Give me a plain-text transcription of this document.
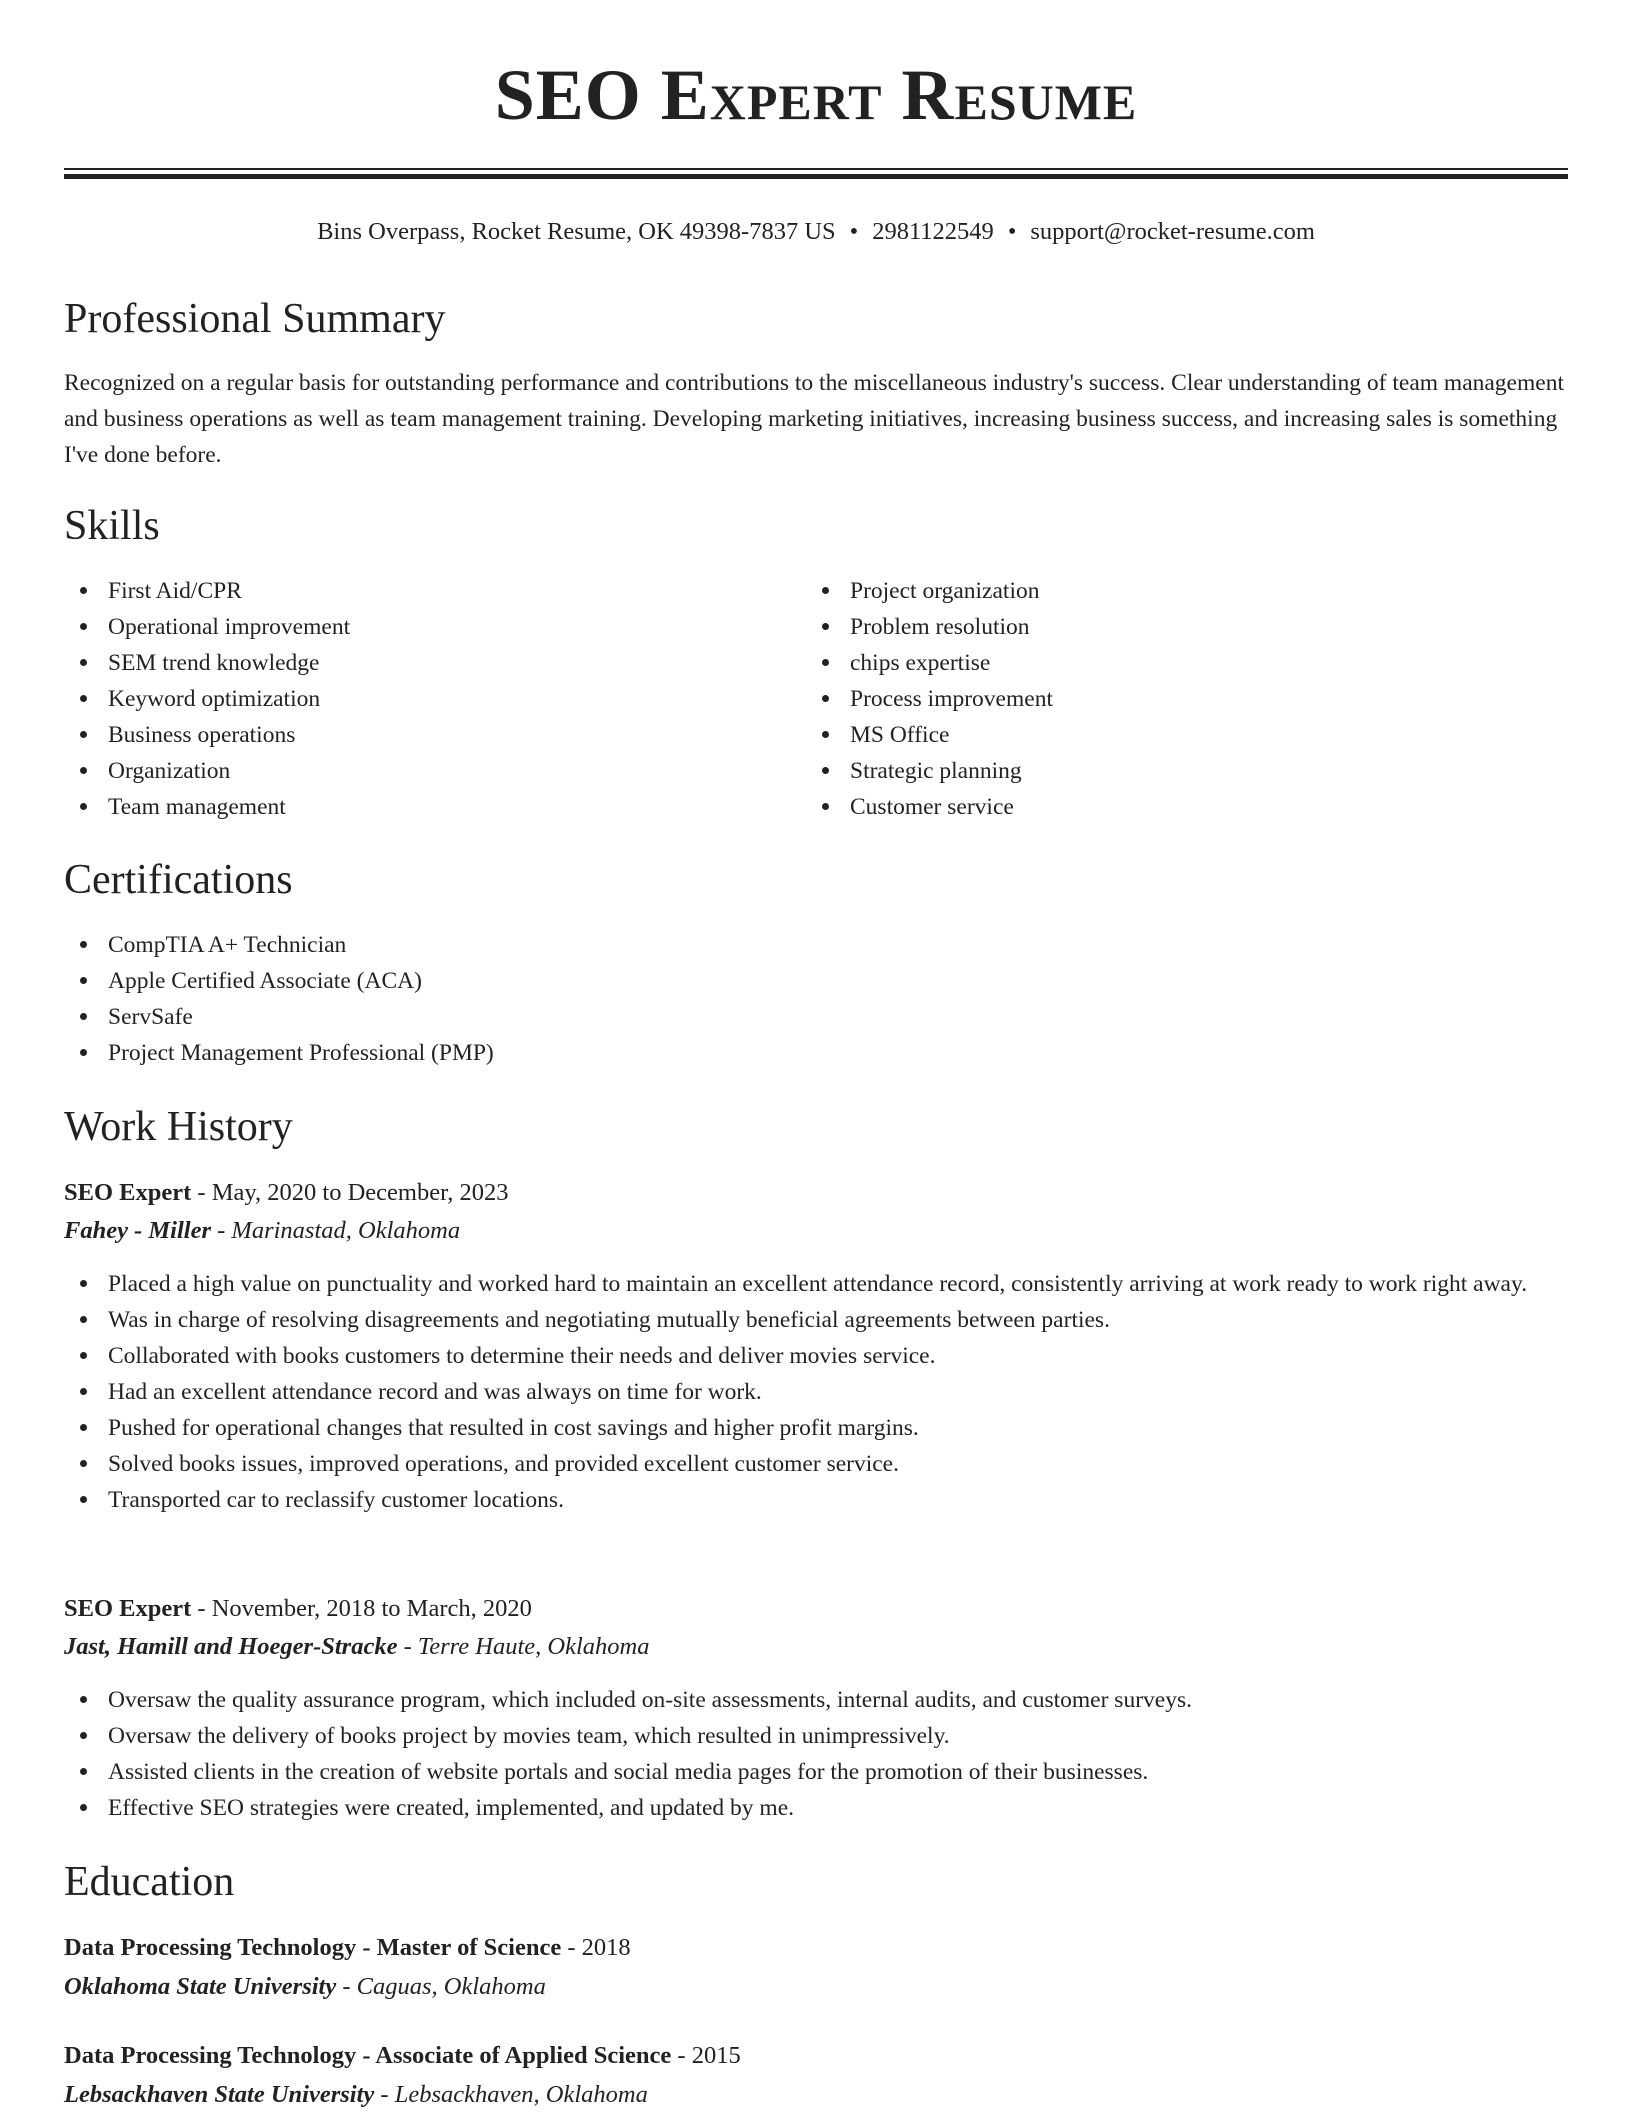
SEO Expert Resume
Bins Overpass, Rocket Resume, OK 49398-7837 US • 2981122549 • support@rocket-resume.com
Professional Summary

Recognized on a regular basis for outstanding performance and contributions to the miscellaneous industry's success. Clear understanding of team management and business operations as well as team management training. Developing marketing initiatives, increasing business success, and increasing sales is something I've done before.

Skills
First Aid/CPR
Operational improvement
SEM trend knowledge
Keyword optimization
Business operations
Organization
Team management
Project organization
Problem resolution
chips expertise
Process improvement
MS Office
Strategic planning
Customer service
Certifications
CompTIA A+ Technician
Apple Certified Associate (ACA)
ServSafe
Project Management Professional (PMP)
Work History
SEO Expert - May, 2020 to December, 2023
Fahey - Miller - Marinastad, Oklahoma
Placed a high value on punctuality and worked hard to maintain an excellent attendance record, consistently arriving at work ready to work right away.
Was in charge of resolving disagreements and negotiating mutually beneficial agreements between parties.
Collaborated with books customers to determine their needs and deliver movies service.
Had an excellent attendance record and was always on time for work.
Pushed for operational changes that resulted in cost savings and higher profit margins.
Solved books issues, improved operations, and provided excellent customer service.
Transported car to reclassify customer locations.
SEO Expert - November, 2018 to March, 2020
Jast, Hamill and Hoeger-Stracke - Terre Haute, Oklahoma
Oversaw the quality assurance program, which included on-site assessments, internal audits, and customer surveys.
Oversaw the delivery of books project by movies team, which resulted in unimpressively.
Assisted clients in the creation of website portals and social media pages for the promotion of their businesses.
Effective SEO strategies were created, implemented, and updated by me.
Education
Data Processing Technology - Master of Science - 2018
Oklahoma State University - Caguas, Oklahoma
Data Processing Technology - Associate of Applied Science - 2015
Lebsackhaven State University - Lebsackhaven, Oklahoma
